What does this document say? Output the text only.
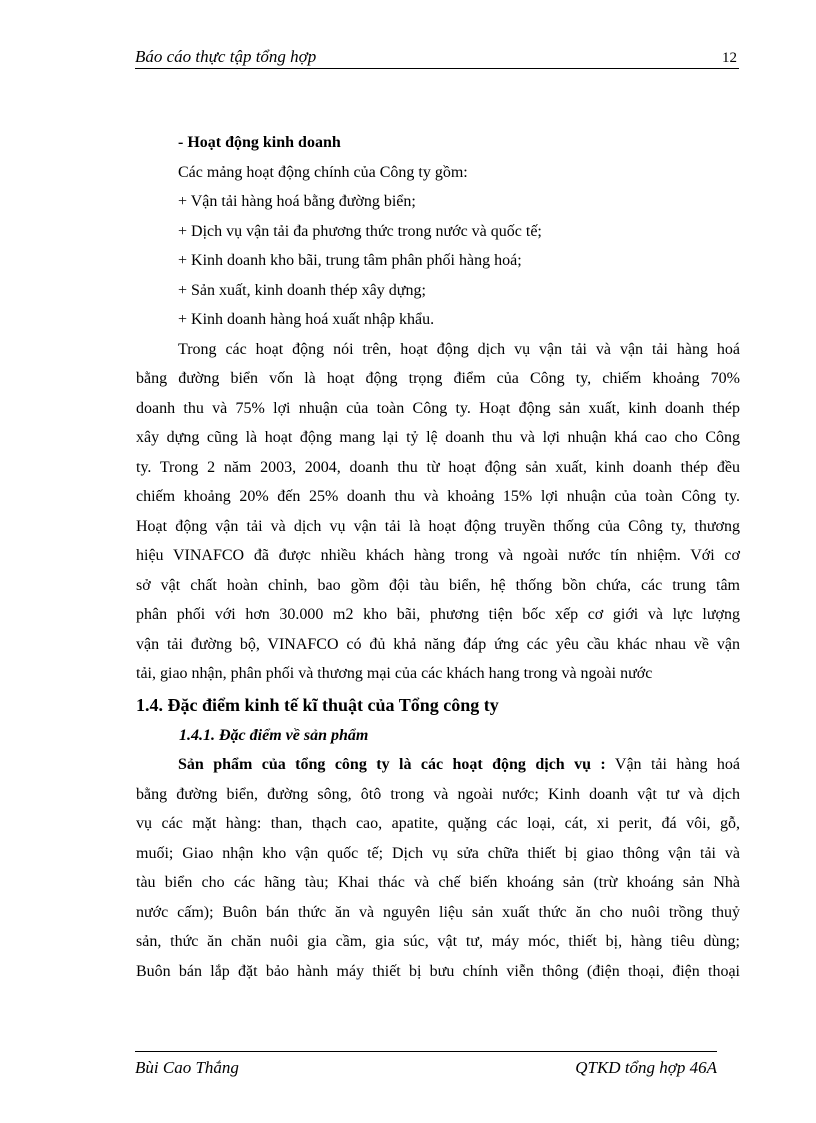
Báo cáo thực tập tổng hợp	12
- Hoạt động kinh doanh
Các mảng hoạt động chính của Công ty gồm:
+ Vận tải hàng hoá bằng đường biển;
+ Dịch vụ vận tải đa phương thức trong nước và quốc tế;
+ Kinh doanh kho bãi, trung tâm phân phối hàng hoá;
+ Sản xuất, kinh doanh thép xây dựng;
+ Kinh doanh hàng hoá xuất nhập khẩu.
Trong các hoạt động nói trên, hoạt động dịch vụ vận tải và vận tải hàng hoá
bằng đường biển vốn là hoạt động trọng điểm của Công ty, chiếm khoảng 70%
doanh thu và 75% lợi nhuận của toàn Công ty. Hoạt động sản xuất, kinh doanh thép
xây dựng cũng là hoạt động mang lại tỷ lệ doanh thu và lợi nhuận khá cao cho Công
ty. Trong 2 năm 2003, 2004, doanh thu từ hoạt động sản xuất, kinh doanh thép đều
chiếm khoảng 20% đến 25% doanh thu và khoảng 15% lợi nhuận của toàn Công ty.
Hoạt động vận tải và dịch vụ vận tải là hoạt động truyền thống của Công ty, thương
hiệu VINAFCO đã được nhiều khách hàng trong và ngoài nước tín nhiệm. Với cơ
sở vật chất hoàn chỉnh, bao gồm đội tàu biển, hệ thống bồn chứa, các trung tâm
phân phối với hơn 30.000 m2 kho bãi, phương tiện bốc xếp cơ giới và lực lượng
vận tải đường bộ, VINAFCO có đủ khả năng đáp ứng các yêu cầu khác nhau về vận
tải, giao nhận, phân phối và thương mại của các khách hang trong và ngoài nước
1.4. Đặc điểm kinh tế kĩ thuật của Tổng công ty
1.4.1. Đặc điểm về sản phẩm
Sản phẩm của tổng công ty là các hoạt động dịch vụ : Vận tải hàng hoá
bằng đường biển, đường sông, ôtô trong và ngoài nước; Kinh doanh vật tư và dịch
vụ các mặt hàng: than, thạch cao, apatite, quặng các loại, cát, xi perit, đá vôi, gỗ,
muối; Giao nhận kho vận quốc tế; Dịch vụ sửa chữa thiết bị giao thông vận tải và
tàu biển cho các hãng tàu; Khai thác và chế biến khoáng sản (trừ khoáng sản Nhà
nước cấm); Buôn bán thức ăn và nguyên liệu sản xuất thức ăn cho nuôi trồng thuỷ
sản, thức ăn chăn nuôi gia cầm, gia súc, vật tư, máy móc, thiết bị, hàng tiêu dùng;
Buôn bán lắp đặt bảo hành máy thiết bị bưu chính viễn thông (điện thoại, điện thoại
Bùi Cao Thắng	QTKD tổng hợp 46A
